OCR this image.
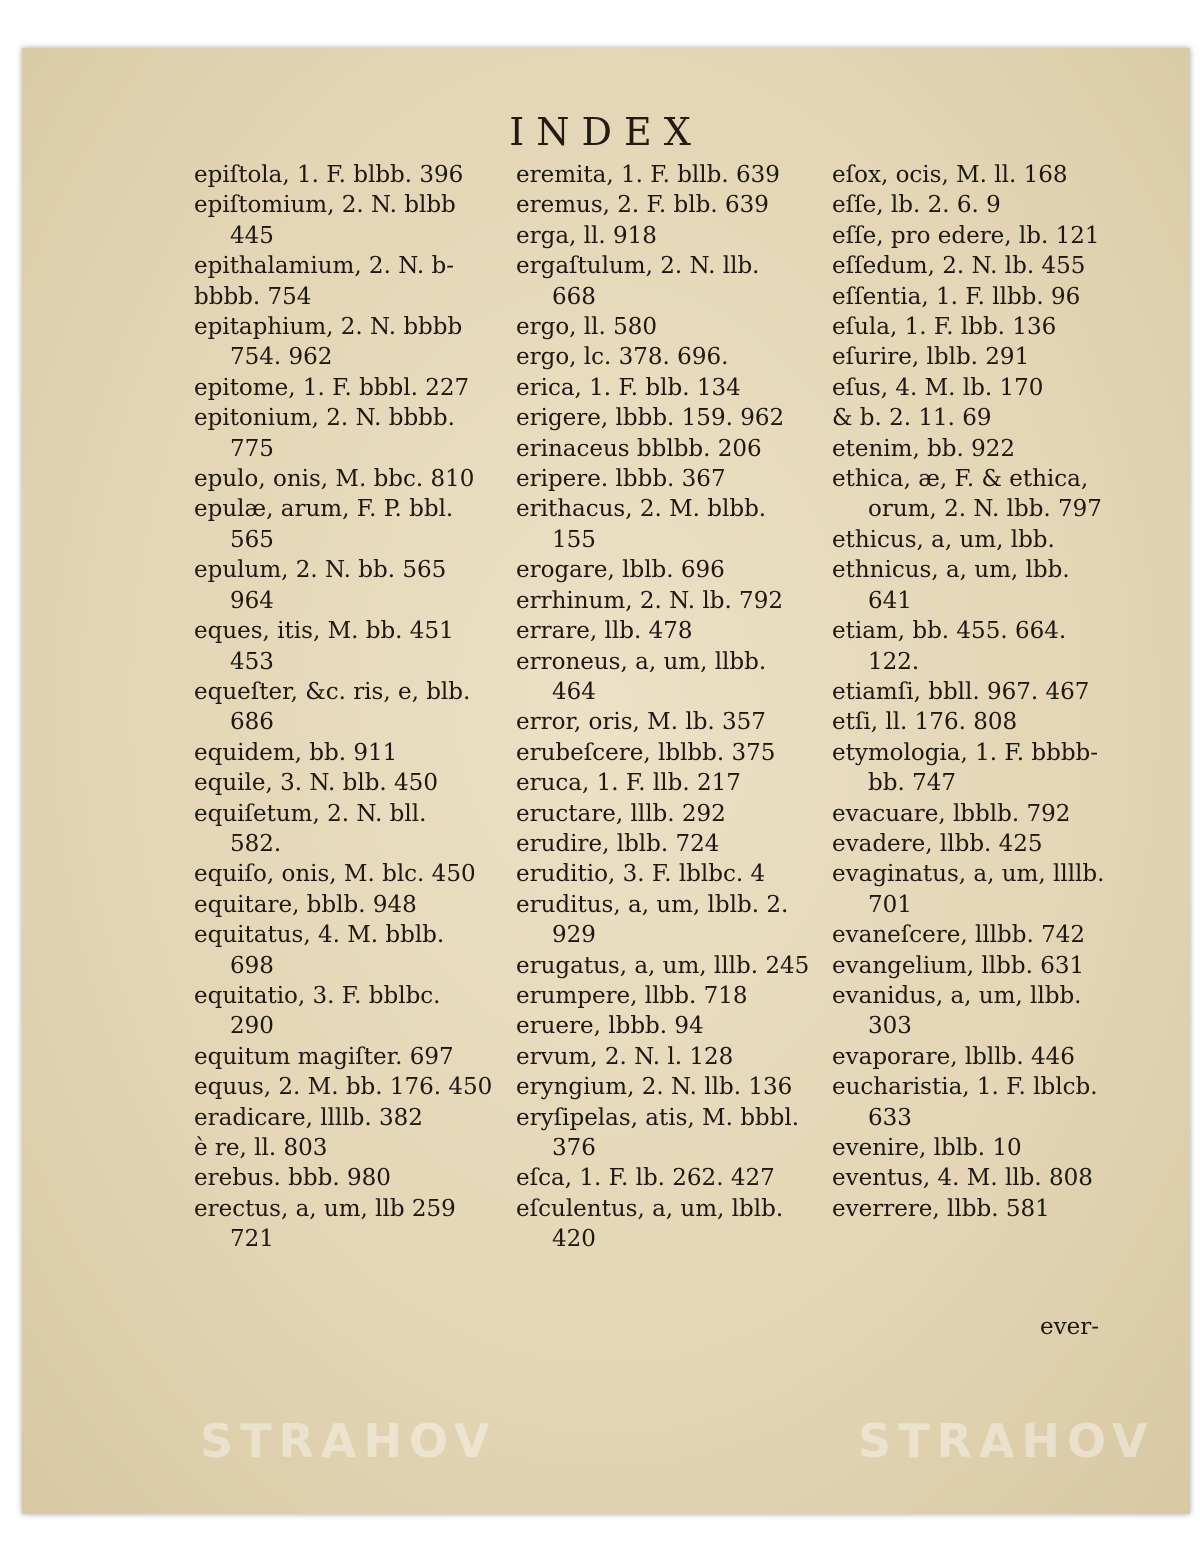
INDEX
epiſtola, 1. F. blbb. 396
epiſtomium, 2. N. blbb
445
epithalamium, 2. N. b-
bbbb. 754
epitaphium, 2. N. bbbb
754. 962
epitome, 1. F. bbbl. 227
epitonium, 2. N. bbbb.
775
epulo, onis, M. bbc. 810
epulæ, arum, F. P. bbl.
565
epulum, 2. N. bb. 565
964
eques, itis, M. bb. 451
453
equeſter, &c. ris, e, blb.
686
equidem, bb. 911
equile, 3. N. blb. 450
equiſetum, 2. N. bll.
582.
equiſo, onis, M. blc. 450
equitare, bblb. 948
equitatus, 4. M. bblb.
698
equitatio, 3. F. bblbc.
290
equitum magiſter. 697
equus, 2. M. bb. 176. 450
eradicare, llllb. 382
è re, ll. 803
erebus. bbb. 980
erectus, a, um, llb 259
721
eremita, 1. F. bllb. 639
eremus, 2. F. blb. 639
erga, ll. 918
ergaſtulum, 2. N. llb.
668
ergo, ll. 580
ergo, lc. 378. 696.
erica, 1. F. blb. 134
erigere, lbbb. 159. 962
erinaceus bblbb. 206
eripere. lbbb. 367
erithacus, 2. M. blbb.
155
erogare, lblb. 696
errhinum, 2. N. lb. 792
errare, llb. 478
erroneus, a, um, llbb.
464
error, oris, M. lb. 357
erubeſcere, lblbb. 375
eruca, 1. F. llb. 217
eructare, lllb. 292
erudire, lblb. 724
eruditio, 3. F. lblbc. 4
eruditus, a, um, lblb. 2.
929
erugatus, a, um, lllb. 245
erumpere, llbb. 718
eruere, lbbb. 94
ervum, 2. N. l. 128
eryngium, 2. N. llb. 136
eryſipelas, atis, M. bbbl.
376
eſca, 1. F. lb. 262. 427
eſculentus, a, um, lblb.
420
eſox, ocis, M. ll. 168
eſſe, lb. 2. 6. 9
eſſe, pro edere, lb. 121
eſſedum, 2. N. lb. 455
eſſentia, 1. F. llbb. 96
eſula, 1. F. lbb. 136
eſurire, lblb. 291
eſus, 4. M. lb. 170
& b. 2. 11. 69
etenim, bb. 922
ethica, æ, F. & ethica,
orum, 2. N. lbb. 797
ethicus, a, um, lbb.
ethnicus, a, um, lbb.
641
etiam, bb. 455. 664.
122.
etiamſi, bbll. 967. 467
etſi, ll. 176. 808
etymologia, 1. F. bbbb-
bb. 747
evacuare, lbblb. 792
evadere, llbb. 425
evaginatus, a, um, llllb.
701
evaneſcere, lllbb. 742
evangelium, llbb. 631
evanidus, a, um, llbb.
303
evaporare, lbllb. 446
eucharistia, 1. F. lblcb.
633
evenire, lblb. 10
eventus, 4. M. llb. 808
everrere, llbb. 581
ever-
STRAHOV	STRAHOV
